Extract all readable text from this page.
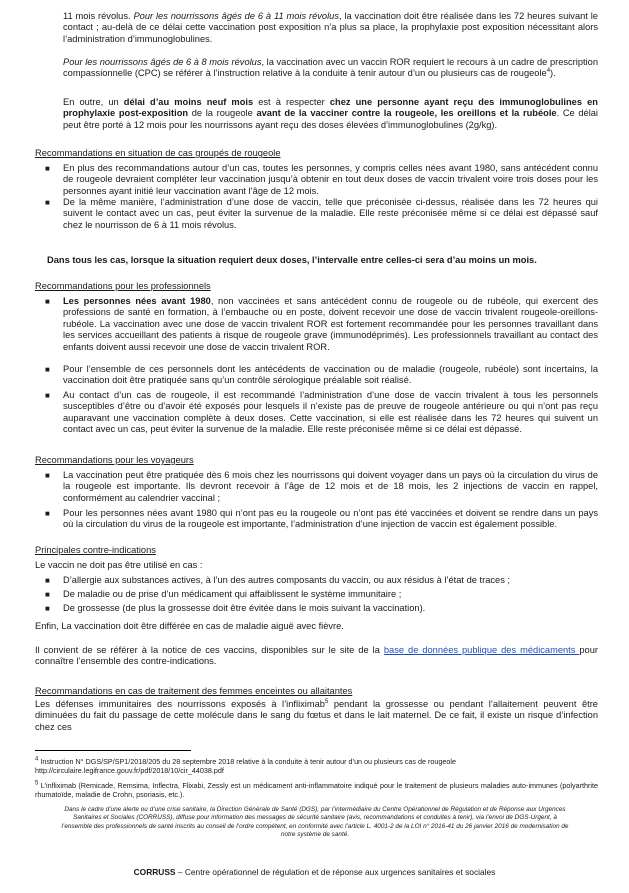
11 mois révolus. Pour les nourrissons âgés de 6 à 11 mois révolus, la vaccination doit être réalisée dans les 72 heures suivant le contact ; au-delà de ce délai cette vaccination post exposition n’a plus sa place, la prophylaxie post exposition nécessitant alors l’administration d’immunoglobulines.

Pour les nourrissons âgés de 6 à 8 mois révolus, la vaccination avec un vaccin ROR requiert le recours à un cadre de prescription compassionnelle (CPC) se référer à l’instruction relative à la conduite à tenir autour d’un ou plusieurs cas de rougeole$^4$).

En outre, un délai d’au moins neuf mois est à respecter chez une personne ayant reçu des immunoglobulines en prophylaxie post-exposition de la rougeole avant de la vacciner contre la rougeole, les oreillons et la rubéole. Ce délai peut être porté à 12 mois pour les nourrissons ayant reçu des doses élevées d’immunoglobulines (2g/kg).

Recommandations en situation de cas groupés de rougeole

■ En plus des recommandations autour d’un cas, toutes les personnes, y compris celles nées avant 1980, sans antécédent connu de rougeole devraient compléter leur vaccination jusqu’à obtenir en tout deux doses de vaccin trivalent voire trois doses pour les personnes ayant initié leur vaccination avant l’âge de 12 mois.

■ De la même manière, l’administration d’une dose de vaccin, telle que préconisée ci-dessus, réalisée dans les 72 heures qui suivent le contact avec un cas, peut éviter la survenue de la maladie. Elle reste préconisée même si ce délai est dépassé sauf chez le nourrisson de 6 à 11 mois révolus.

Dans tous les cas, lorsque la situation requiert deux doses, l’intervalle entre celles-ci sera d’au moins un mois.

Recommandations pour les professionnels

■ Les personnes nées avant 1980, non vaccinées et sans antécédent connu de rougeole ou de rubéole, qui exercent des professions de santé en formation, à l’embauche ou en poste, doivent recevoir une dose de vaccin trivalent rougeole-oreillons-rubéole. La vaccination avec une dose de vaccin trivalent ROR est fortement recommandée pour les personnes travaillant dans les services accueillant des patients à risque de rougeole grave (immunodéprimés). Les professionnels travaillant au contact des enfants doivent aussi recevoir une dose de vaccin trivalent ROR.

■ Pour l’ensemble de ces personnels dont les antécédents de vaccination ou de maladie (rougeole, rubéole) sont incertains, la vaccination doit être pratiquée sans qu’un contrôle sérologique préalable soit réalisé.

■ Au contact d’un cas de rougeole, il est recommandé l’administration d’une dose de vaccin trivalent à tous les personnels susceptibles d’être ou d’avoir été exposés pour lesquels il n’existe pas de preuve de rougeole antérieure ou qui n’ont pas reçu auparavant une vaccination complète à deux doses. Cette vaccination, si elle est réalisée dans les 72 heures qui suivent un contact avec un cas, peut éviter la survenue de la maladie. Elle reste préconisée même si ce délai est dépassé.

Recommandations pour les voyageurs

■ La vaccination peut être pratiquée dès 6 mois chez les nourrissons qui doivent voyager dans un pays où la circulation du virus de la rougeole est importante. Ils devront recevoir à l’âge de 12 mois et de 18 mois, les 2 injections de vaccin en rappel, conformément au calendrier vaccinal ;

■ Pour les personnes nées avant 1980 qui n’ont pas eu la rougeole ou n’ont pas été vaccinées et doivent se rendre dans un pays où la circulation du virus de la rougeole est importante, l’administration d’une injection de vaccin est également possible.

Principales contre-indications

Le vaccin ne doit pas être utilisé en cas :

■ D’allergie aux substances actives, à l’un des autres composants du vaccin, ou aux résidus à l’état de traces ;

■ De maladie ou de prise d’un médicament qui affaiblissent le système immunitaire ;

■ De grossesse (de plus la grossesse doit être évitée dans le mois suivant la vaccination).

Enfin, La vaccination doit être différée en cas de maladie aiguë avec fièvre.

Il convient de se référer à la notice de ces vaccins, disponibles sur le site de la base de données publique des médicaments pour connaître l’ensemble des contre-indications.

Recommandations en cas de traitement des femmes enceintes ou allaitantes

Les défenses immunitaires des nourrissons exposés à l’infliximab$^5$ pendant la grossesse ou pendant l’allaitement peuvent être diminuées du fait du passage de cette molécule dans le sang du fœtus et dans le lait maternel. De ce fait, il existe un risque d’infection chez ces

$^4$ Instruction N° DGS/SP/SP1/2018/205 du 28 septembre 2018 relative à la conduite à tenir autour d’un ou plusieurs cas de rougeole
http://circulaire.legifrance.gouv.fr/pdf/2018/10/cir_44038.pdf

$^5$ L’infliximab (Remicade, Remsima, Inflectra, Flixabi, Zessly est un médicament anti-inflammatoire indiqué pour le traitement de plusieurs maladies auto-immunes (polyarthrite rhumatoïde, maladie de Crohn, psoriasis, etc.).

Dans le cadre d’une alerte ou d’une crise sanitaire, la Direction Générale de Santé (DGS), par l’intermédiaire du Centre Opérationnel de Régulation et de Réponse aux Urgences Sanitaires et Sociales (CORRUSS), diffuse pour information des messages de sécurité sanitaire (avis, recommandations et conduites à tenir), via l’envoi de DGS-Urgent, à l’ensemble des professionnels de santé inscrits au conseil de l’ordre compétent, en conformité avec l’article L. 4001-2 de la LOI n° 2016-41 du 26 janvier 2016 de modernisation de notre système de santé.

CORRUSS – Centre opérationnel de régulation et de réponse aux urgences sanitaires et sociales
